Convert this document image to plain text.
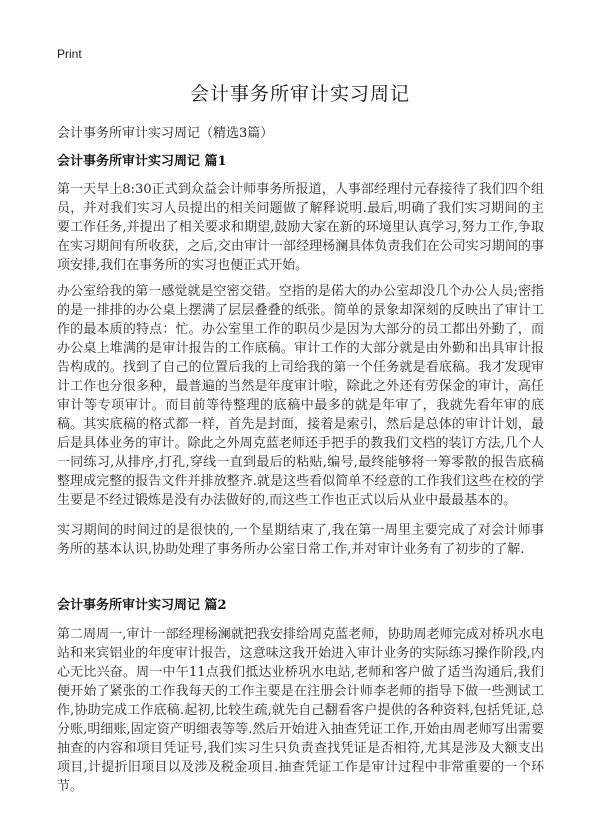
Print
会计事务所审计实习周记

会计事务所审计实习周记（精选3篇）

会计事务所审计实习周记 篇1

第一天早上8:30正式到众益会计师事务所报道，人事部经理付元春接待了我们四个组员，并对我们实习人员提出的相关问题做了解释说明.最后,明确了我们实习期间的主要工作任务,并提出了相关要求和期望,鼓励大家在新的环境里认真学习,努力工作,争取在实习期间有所收获，之后,交由审计一部经理杨澜具体负责我们在公司实习期间的事项安排,我们在事务所的实习也便正式开始。

办公室给我的第一感觉就是空密交错。空指的是偌大的办公室却没几个办公人员;密指的是一排排的办公桌上摆满了层层叠叠的纸张。简单的景象却深刻的反映出了审计工作的最本质的特点：忙。办公室里工作的职员少是因为大部分的员工都出外勤了，而办公桌上堆满的是审计报告的工作底稿。审计工作的大部分就是由外勤和出具审计报告构成的。找到了自己的位置后我的上司给我的第一个任务就是看底稿。我才发现审计工作也分很多种，最普遍的当然是年度审计啦，除此之外还有劳保金的审计，高任审计等专项审计。而目前等待整理的底稿中最多的就是年审了，我就先看年审的底稿。其实底稿的格式都一样，首先是封面，接着是索引，然后是总体的审计计划，最后是具体业务的审计。除此之外周克蓝老师还手把手的教我们文档的装订方法,几个人一同练习,从排序,打孔,穿线一直到最后的粘贴,编号,最终能够将一筹零散的报告底稿整理成完整的报告文件并排放整齐.就是这些看似简单不经意的工作我们这些在校的学生要是不经过锻炼是没有办法做好的,而这些工作也正式以后从业中最最基本的。

实习期间的时间过的是很快的,一个星期结束了,我在第一周里主要完成了对会计师事务所的基本认识,协助处理了事务所办公室日常工作,并对审计业务有了初步的了解.

会计事务所审计实习周记 篇2

第二周周一,审计一部经理杨澜就把我安排给周克蓝老师，协助周老师完成对桥巩水电站和来宾铝业的年度审计报告，这意味这我开始进入审计业务的实际练习操作阶段,内心无比兴奋。周一中午11点我们抵达业桥巩水电站,老师和客户做了适当沟通后,我们便开始了紧张的工作我每天的工作主要是在注册会计师李老师的指导下做一些测试工作,协助完成工作底稿.起初,比较生疏,就先自己翻看客户提供的各种资料,包括凭证,总分账,明细账,固定资产明细表等等.然后开始进入抽查凭证工作,开始由周老师写出需要抽查的内容和项目凭证号,我们实习生只负责查找凭证是否相符,尤其是涉及大额支出项目,计提折旧项目以及涉及税金项目.抽查凭证工作是审计过程中非常重要的一个环节。
